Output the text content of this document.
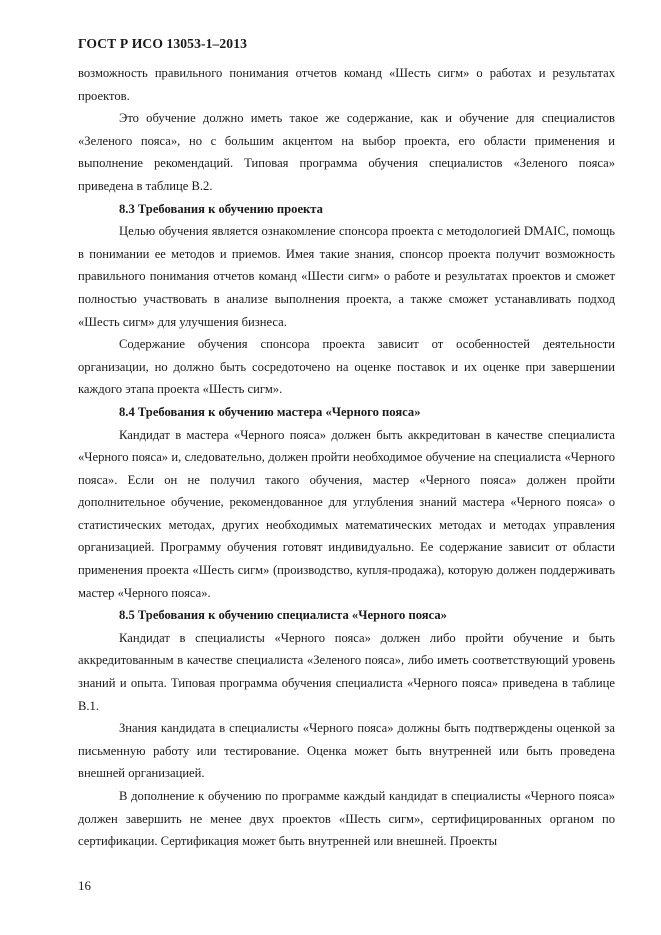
ГОСТ Р ИСО 13053-1–2013

возможность правильного понимания отчетов команд «Шесть сигм» о работах и результатах проектов.

Это обучение должно иметь такое же содержание, как и обучение для специалистов «Зеленого пояса», но с большим акцентом на выбор проекта, его области применения и выполнение рекомендаций. Типовая программа обучения специалистов «Зеленого пояса» приведена в таблице В.2.

8.3 Требования к обучению проекта

Целью обучения является ознакомление спонсора проекта с методологией DMAIC, помощь в понимании ее методов и приемов. Имея такие знания, спонсор проекта получит возможность правильного понимания отчетов команд «Шести сигм» о работе и результатах проектов и сможет полностью участвовать в анализе выполнения проекта, а также сможет устанавливать подход «Шесть сигм» для улучшения бизнеса.

Содержание обучения спонсора проекта зависит от особенностей деятельности организации, но должно быть сосредоточено на оценке поставок и их оценке при завершении каждого этапа проекта «Шесть сигм».

8.4 Требования к обучению мастера «Черного пояса»

Кандидат в мастера «Черного пояса» должен быть аккредитован в качестве специалиста «Черного пояса» и, следовательно, должен пройти необходимое обучение на специалиста «Черного пояса». Если он не получил такого обучения, мастер «Черного пояса» должен пройти дополнительное обучение, рекомендованное для углубления знаний мастера «Черного пояса» о статистических методах, других необходимых математических методах и методах управления организацией. Программу обучения готовят индивидуально. Ее содержание зависит от области применения проекта «Шесть сигм» (производство, купля-продажа), которую должен поддерживать мастер «Черного пояса».

8.5 Требования к обучению специалиста «Черного пояса»

Кандидат в специалисты «Черного пояса» должен либо пройти обучение и быть аккредитованным в качестве специалиста «Зеленого пояса», либо иметь соответствующий уровень знаний и опыта. Типовая программа обучения специалиста «Черного пояса» приведена в таблице В.1.

Знания кандидата в специалисты «Черного пояса» должны быть подтверждены оценкой за письменную работу или тестирование. Оценка может быть внутренней или быть проведена внешней организацией.

В дополнение к обучению по программе каждый кандидат в специалисты «Черного пояса» должен завершить не менее двух проектов «Шесть сигм», сертифицированных органом по сертификации. Сертификация может быть внутренней или внешней. Проекты

16
